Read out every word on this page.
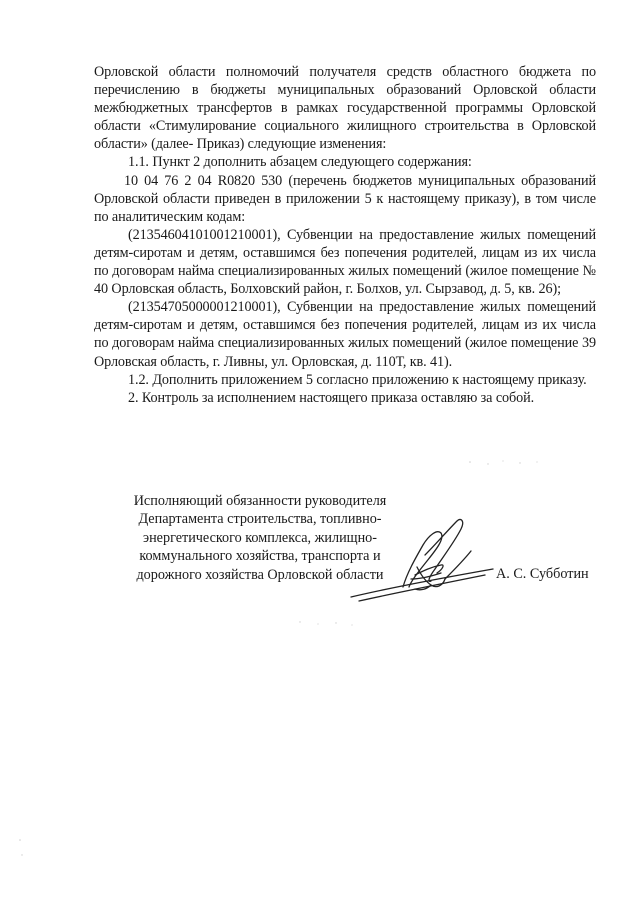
Орловской области полномочий получателя средств областного бюджета по перечислению в бюджеты муниципальных образований Орловской области межбюджетных трансфертов в рамках государственной программы Орловской области «Стимулирование социального жилищного строительства в Орловской области» (далее- Приказ) следующие изменения:

1.1. Пункт 2 дополнить абзацем следующего содержания:

10 04 76 2 04 R0820 530 (перечень бюджетов муниципальных образований Орловской области приведен в приложении 5 к настоящему приказу), в том числе по аналитическим кодам:

(21354604101001210001), Субвенции на предоставление жилых помещений детям-сиротам и детям, оставшимся без попечения родителей, лицам из их числа по договорам найма специализированных жилых помещений (жилое помещение № 40 Орловская область, Болховский район, г. Болхов, ул. Сырзавод, д. 5, кв. 26);

(21354705000001210001), Субвенции на предоставление жилых помещений детям-сиротам и детям, оставшимся без попечения родителей, лицам из их числа по договорам найма специализированных жилых помещений (жилое помещение 39 Орловская область, г. Ливны, ул. Орловская, д. 110Т, кв. 41).

1.2. Дополнить приложением 5 согласно приложению к настоящему приказу.

2. Контроль за исполнением настоящего приказа оставляю за собой.

Исполняющий обязанности руководителя
Департамента строительства, топливно-
энергетического комплекса, жилищно-
коммунального хозяйства, транспорта и
дорожного хозяйства Орловской области	А. С. Субботин
